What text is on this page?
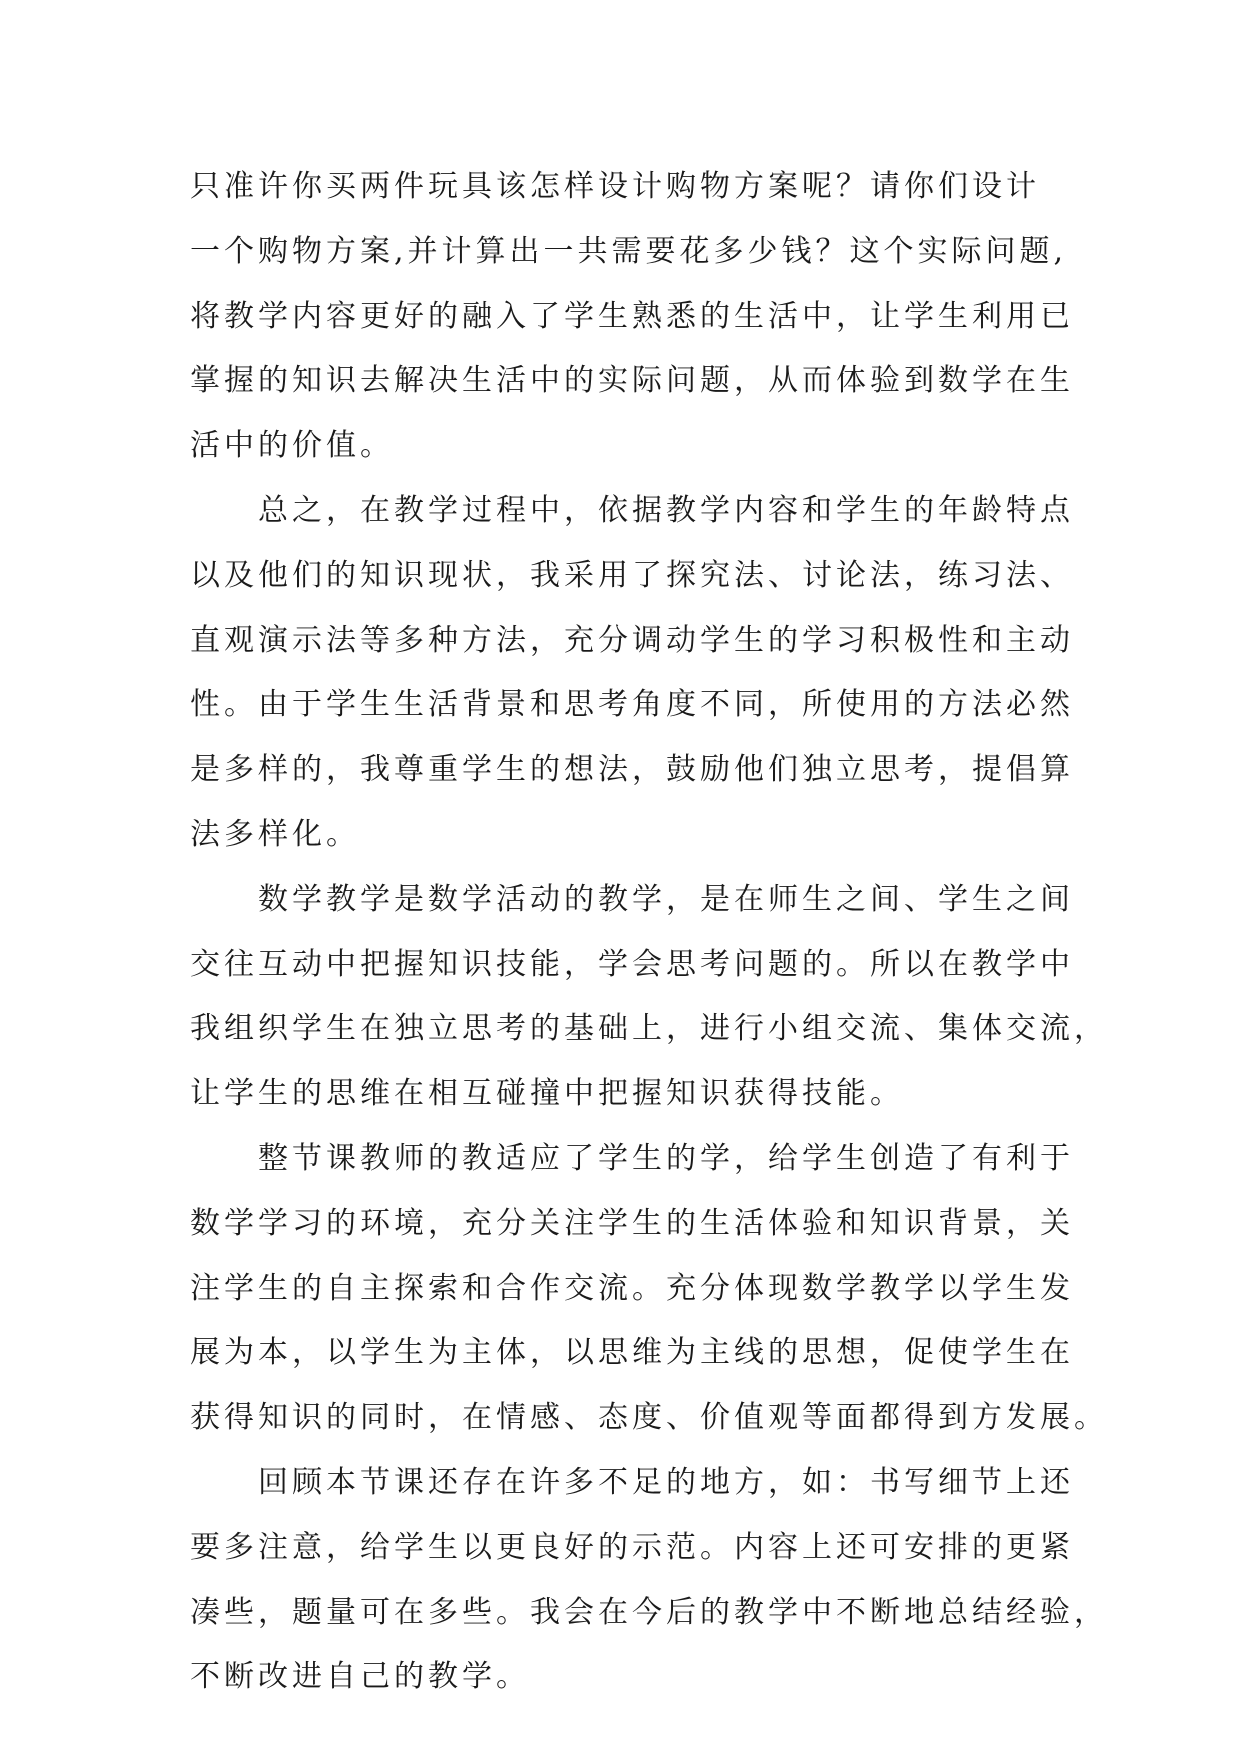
只准许你买两件玩具该怎样设计购物方案呢？请你们设计
一个购物方案,并计算出一共需要花多少钱？这个实际问题,
将教学内容更好的融入了学生熟悉的生活中，让学生利用已
掌握的知识去解决生活中的实际问题，从而体验到数学在生
活中的价值。

总之，在教学过程中，依据教学内容和学生的年龄特点
以及他们的知识现状，我采用了探究法、讨论法，练习法、
直观演示法等多种方法，充分调动学生的学习积极性和主动
性。由于学生生活背景和思考角度不同，所使用的方法必然
是多样的，我尊重学生的想法，鼓励他们独立思考，提倡算
法多样化。

数学教学是数学活动的教学，是在师生之间、学生之间
交往互动中把握知识技能，学会思考问题的。所以在教学中
我组织学生在独立思考的基础上，进行小组交流、集体交流，
让学生的思维在相互碰撞中把握知识获得技能。

整节课教师的教适应了学生的学，给学生创造了有利于
数学学习的环境，充分关注学生的生活体验和知识背景，关
注学生的自主探索和合作交流。充分体现数学教学以学生发
展为本，以学生为主体，以思维为主线的思想，促使学生在
获得知识的同时，在情感、态度、价值观等面都得到方发展。

回顾本节课还存在许多不足的地方，如：书写细节上还
要多注意，给学生以更良好的示范。内容上还可安排的更紧
凑些，题量可在多些。我会在今后的教学中不断地总结经验，
不断改进自己的教学。
